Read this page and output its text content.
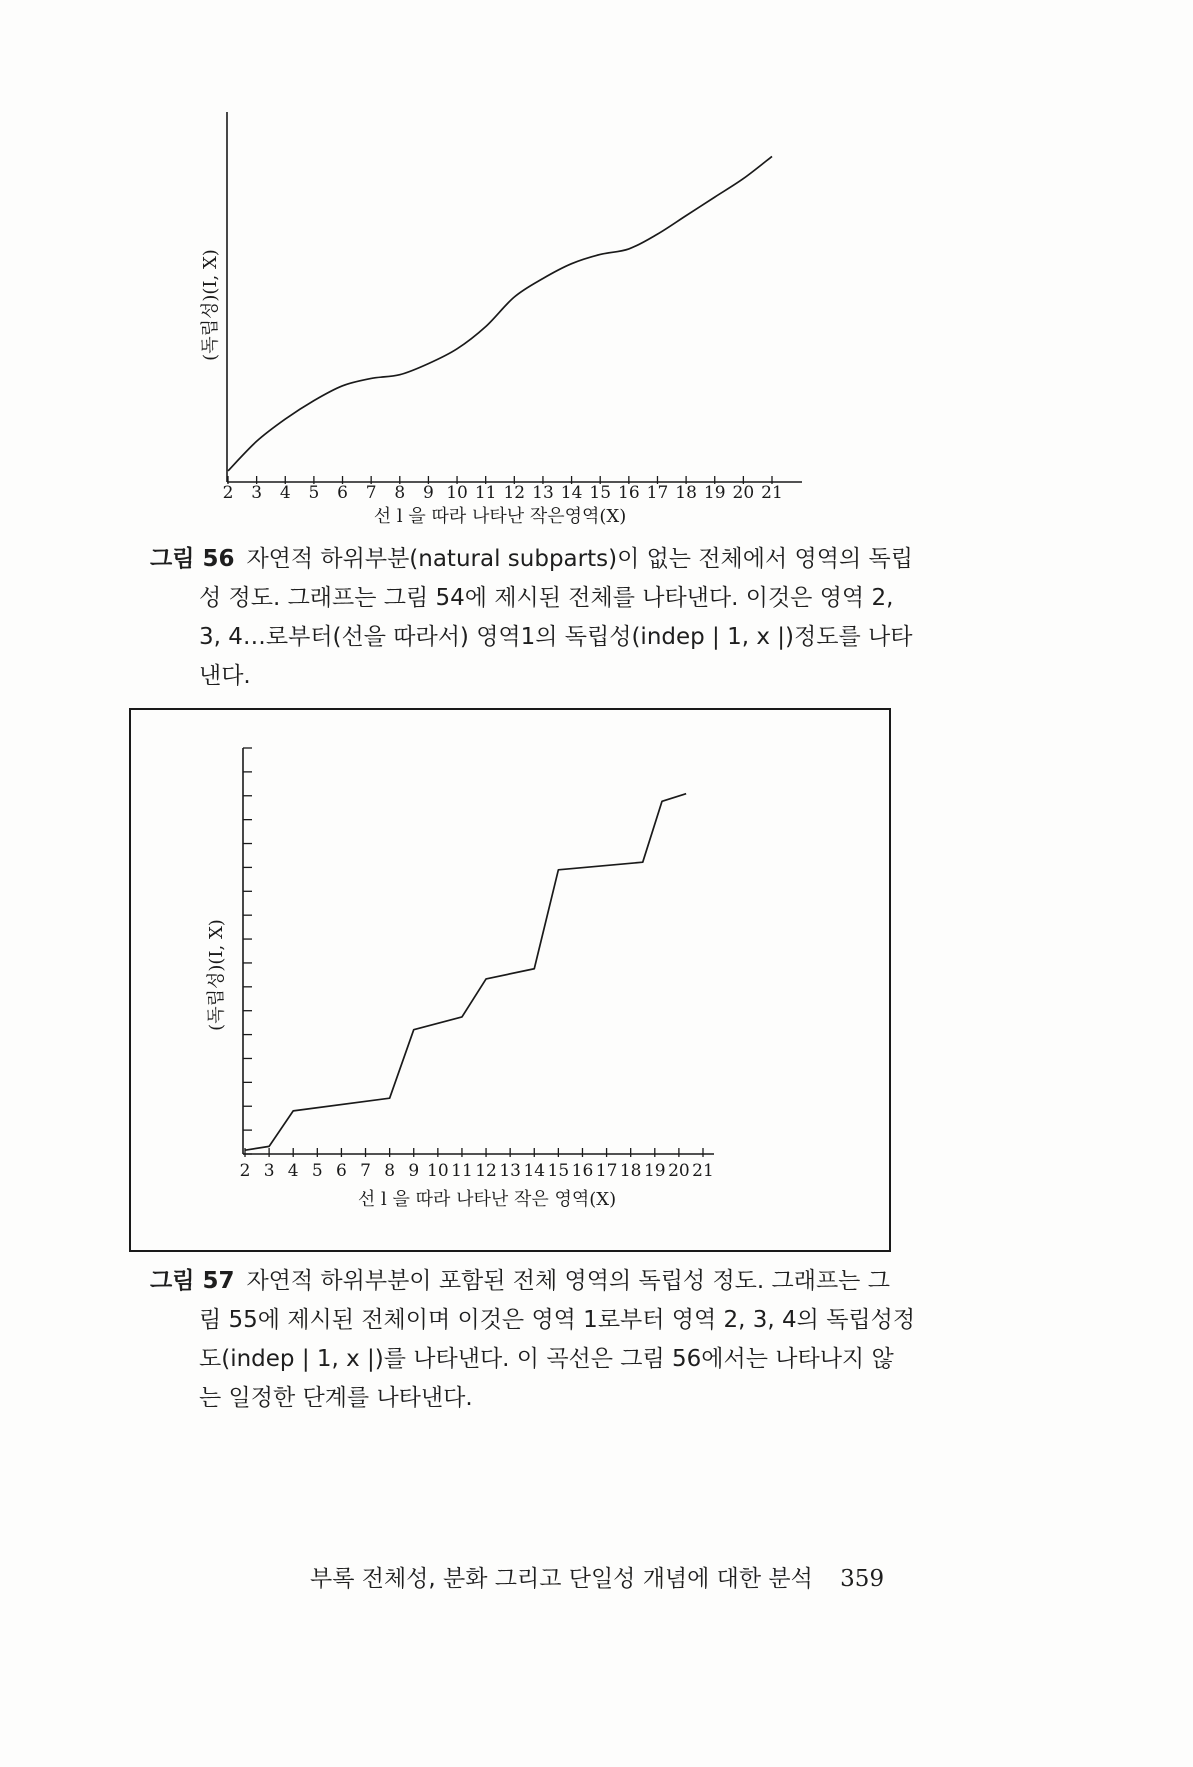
(독립성)(I, X)
선 l 을 따라 나타난 작은영역(X)
2 3 4 5 6 7 8 9 10 11 12 13 14 15 16 17 18 19 20 21
그림 56 자연적 하위부분(natural subparts)이 없는 전체에서 영역의 독립
성 정도. 그래프는 그림 54에 제시된 전체를 나타낸다. 이것은 영역 2,
3, 4…로부터(선을 따라서) 영역1의 독립성(indep | 1, x |)정도를 나타
낸다.
(독립성)(I, X)
선 l 을 따라 나타난 작은 영역(X)
2 3 4 5 6 7 8 9 10 11 12 13 14 15 16 17 18 19 20 21
그림 57 자연적 하위부분이 포함된 전체 영역의 독립성 정도. 그래프는 그
림 55에 제시된 전체이며 이것은 영역 1로부터 영역 2, 3, 4의 독립성정
도(indep | 1, x |)를 나타낸다. 이 곡선은 그림 56에서는 나타나지 않
는 일정한 단계를 나타낸다.
부록 전체성, 분화 그리고 단일성 개념에 대한 분석 359
